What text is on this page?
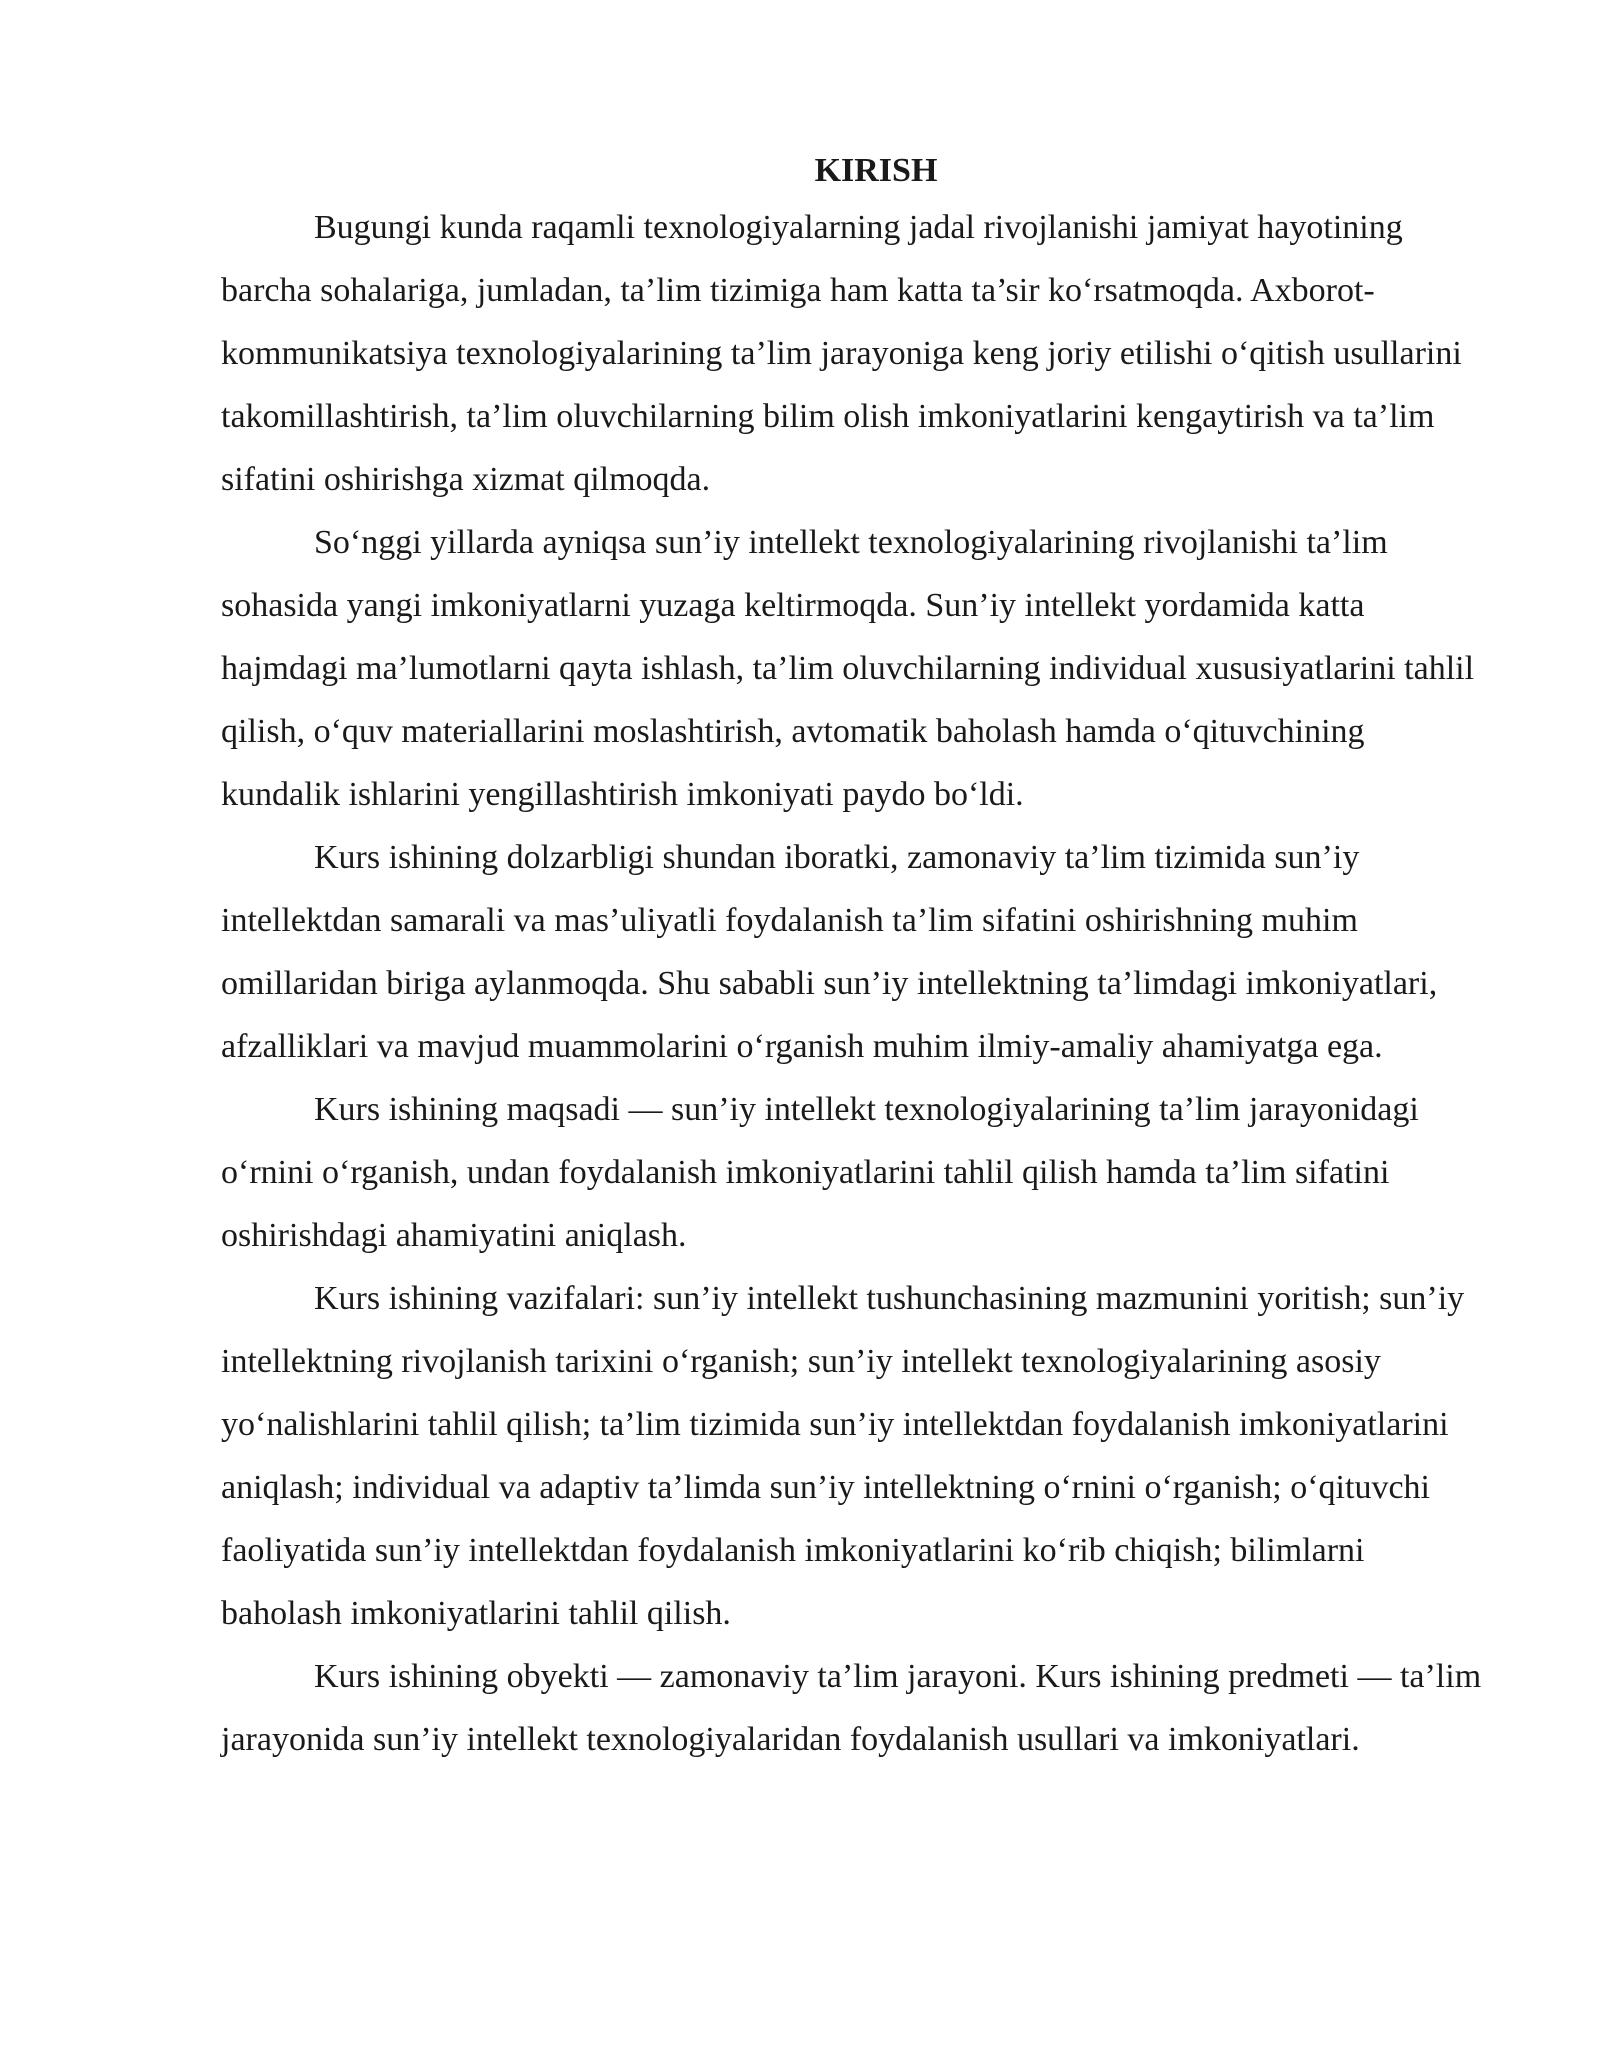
KIRISH

Bugungi kunda raqamli texnologiyalarning jadal rivojlanishi jamiyat hayotining barcha sohalariga, jumladan, ta’lim tizimiga ham katta ta’sir ko‘rsatmoqda. Axborot-kommunikatsiya texnologiyalarining ta’lim jarayoniga keng joriy etilishi o‘qitish usullarini takomillashtirish, ta’lim oluvchilarning bilim olish imkoniyatlarini kengaytirish va ta’lim sifatini oshirishga xizmat qilmoqda.

So‘nggi yillarda ayniqsa sun’iy intellekt texnologiyalarining rivojlanishi ta’lim sohasida yangi imkoniyatlarni yuzaga keltirmoqda. Sun’iy intellekt yordamida katta hajmdagi ma’lumotlarni qayta ishlash, ta’lim oluvchilarning individual xususiyatlarini tahlil qilish, o‘quv materiallarini moslashtirish, avtomatik baholash hamda o‘qituvchining kundalik ishlarini yengillashtirish imkoniyati paydo bo‘ldi.

Kurs ishining dolzarbligi shundan iboratki, zamonaviy ta’lim tizimida sun’iy intellektdan samarali va mas’uliyatli foydalanish ta’lim sifatini oshirishning muhim omillaridan biriga aylanmoqda. Shu sababli sun’iy intellektning ta’limdagi imkoniyatlari, afzalliklari va mavjud muammolarini o‘rganish muhim ilmiy-amaliy ahamiyatga ega.

Kurs ishining maqsadi — sun’iy intellekt texnologiyalarining ta’lim jarayonidagi o‘rnini o‘rganish, undan foydalanish imkoniyatlarini tahlil qilish hamda ta’lim sifatini oshirishdagi ahamiyatini aniqlash.

Kurs ishining vazifalari: sun’iy intellekt tushunchasining mazmunini yoritish; sun’iy intellektning rivojlanish tarixini o‘rganish; sun’iy intellekt texnologiyalarining asosiy yo‘nalishlarini tahlil qilish; ta’lim tizimida sun’iy intellektdan foydalanish imkoniyatlarini aniqlash; individual va adaptiv ta’limda sun’iy intellektning o‘rnini o‘rganish; o‘qituvchi faoliyatida sun’iy intellektdan foydalanish imkoniyatlarini ko‘rib chiqish; bilimlarni baholash imkoniyatlarini tahlil qilish.

Kurs ishining obyekti — zamonaviy ta’lim jarayoni. Kurs ishining predmeti — ta’lim jarayonida sun’iy intellekt texnologiyalaridan foydalanish usullari va imkoniyatlari.
